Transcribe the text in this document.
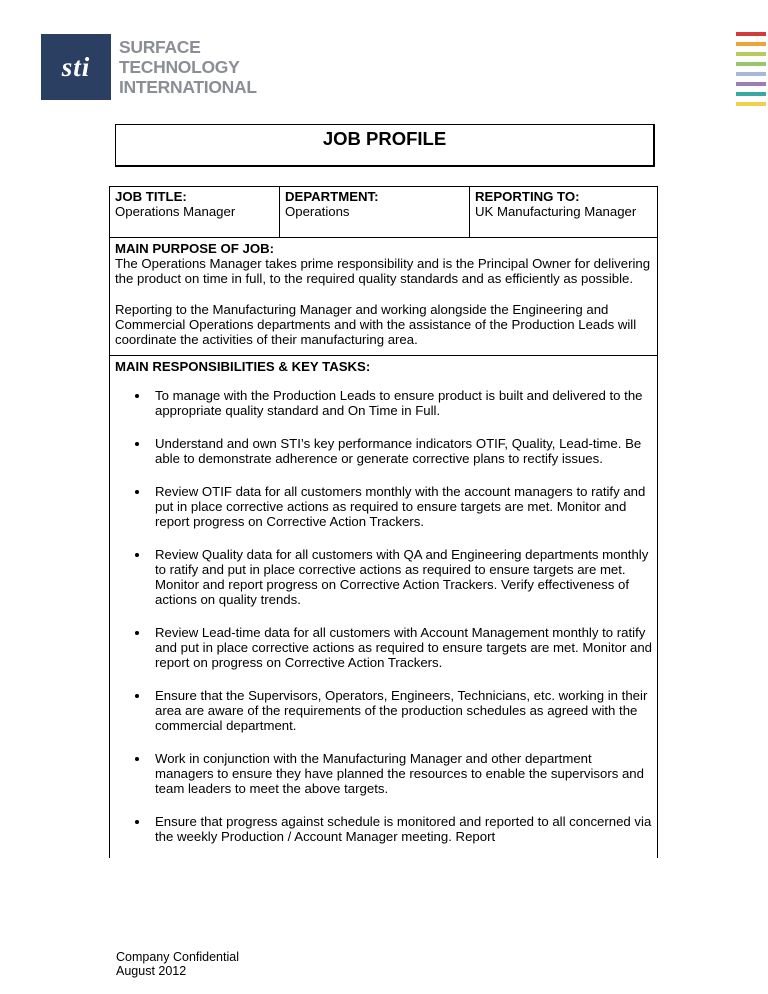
sti
SURFACE
TECHNOLOGY
INTERNATIONAL
JOB PROFILE
JOB TITLE:
Operations Manager
DEPARTMENT:
Operations
REPORTING TO:
UK Manufacturing Manager
MAIN PURPOSE OF JOB:

The Operations Manager takes prime responsibility and is the Principal Owner for delivering the product on time in full, to the required quality standards and as efficiently as possible.

Reporting to the Manufacturing Manager and working alongside the Engineering and Commercial Operations departments and with the assistance of the Production Leads will coordinate the activities of their manufacturing area.

MAIN RESPONSIBILITIES & KEY TASKS:
To manage with the Production Leads to ensure product is built and delivered to the appropriate quality standard and On Time in Full.
Understand and own STI’s key performance indicators OTIF, Quality, Lead-time. Be able to demonstrate adherence or generate corrective plans to rectify issues.
Review OTIF data for all customers monthly with the account managers to ratify and put in place corrective actions as required to ensure targets are met. Monitor and report progress on Corrective Action Trackers.
Review Quality data for all customers with QA and Engineering departments monthly to ratify and put in place corrective actions as required to ensure targets are met. Monitor and report progress on Corrective Action Trackers. Verify effectiveness of actions on quality trends.
Review Lead-time data for all customers with Account Management monthly to ratify and put in place corrective actions as required to ensure targets are met. Monitor and report on progress on Corrective Action Trackers.
Ensure that the Supervisors, Operators, Engineers, Technicians, etc. working in their area are aware of the requirements of the production schedules as agreed with the commercial department.
Work in conjunction with the Manufacturing Manager and other department managers to ensure they have planned the resources to enable the supervisors and team leaders to meet the above targets.
Ensure that progress against schedule is monitored and reported to all concerned via the weekly Production / Account Manager meeting. Report
Company Confidential
August 2012
